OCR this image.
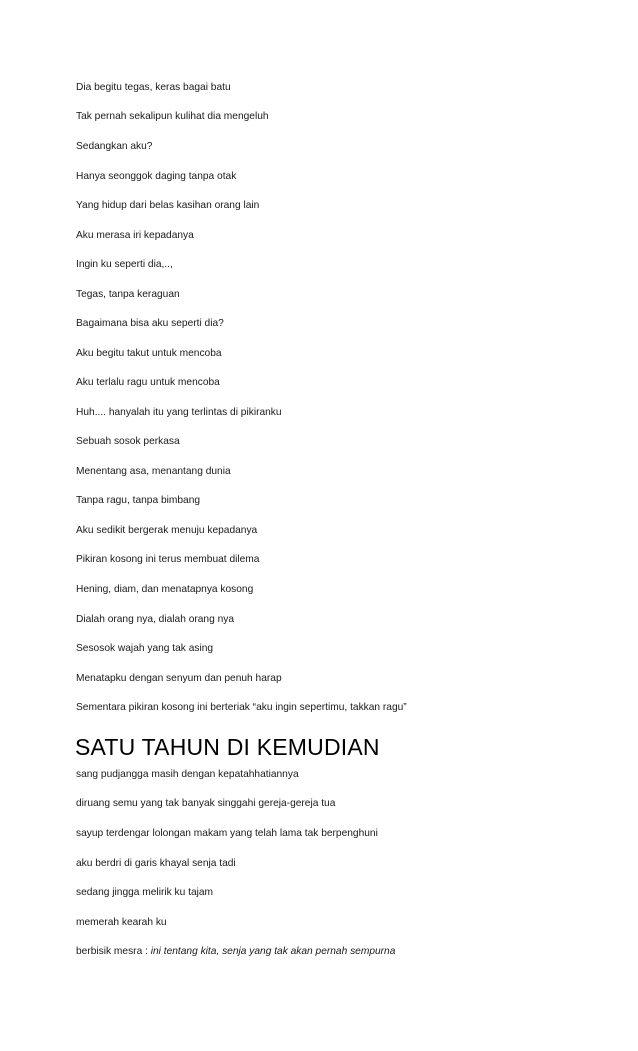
Dia begitu tegas, keras bagai batu
Tak pernah sekalipun kulihat dia mengeluh
Sedangkan aku?
Hanya seonggok daging tanpa otak
Yang hidup dari belas kasihan orang lain
Aku merasa iri kepadanya
Ingin ku seperti dia,..,
Tegas, tanpa keraguan
Bagaimana bisa aku seperti dia?
Aku begitu takut untuk mencoba
Aku terlalu ragu untuk mencoba
Huh.... hanyalah itu yang terlintas di pikiranku
Sebuah sosok perkasa
Menentang asa, menantang dunia
Tanpa ragu, tanpa bimbang
Aku sedikit bergerak menuju kepadanya
Pikiran kosong ini terus membuat dilema
Hening, diam, dan menatapnya kosong
Dialah orang nya, dialah orang nya
Sesosok wajah yang tak asing
Menatapku dengan senyum dan penuh harap
Sementara pikiran kosong ini berteriak “aku ingin sepertimu, takkan ragu”
SATU TAHUN DI KEMUDIAN
sang pudjangga masih dengan kepatahhatiannya
diruang semu yang tak banyak singgahi gereja-gereja tua
sayup terdengar lolongan makam yang telah lama tak berpenghuni
aku berdri di garis khayal senja tadi
sedang jingga melirik ku tajam
memerah kearah ku
berbisik mesra : ini tentang kita, senja yang tak akan pernah sempurna
